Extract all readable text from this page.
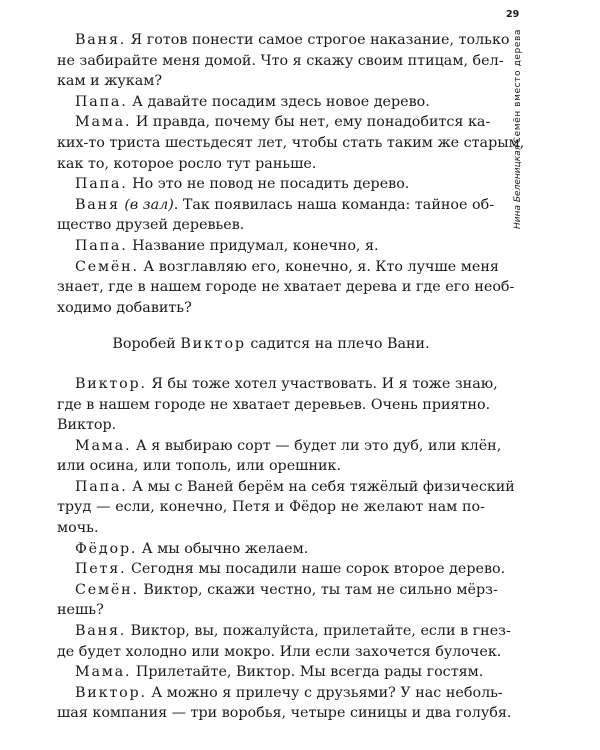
29
Нина Беленицкая
Семён вместо дерева
Ваня. Я готов понести самое строгое наказание, только
не забирайте меня домой. Что я скажу своим птицам, бел-
кам и жукам?
Папа. А давайте посадим здесь новое дерево.
Мама. И правда, почему бы нет, ему понадобится ка-
ких-то триста шестьдесят лет, чтобы стать таким же старым,
как то, которое росло тут раньше.
Папа. Но это не повод не посадить дерево.
Ваня (в зал). Так появилась наша команда: тайное об-
щество друзей деревьев.
Папа. Название придумал, конечно, я.
Семён. А возглавляю его, конечно, я. Кто лучше меня
знает, где в нашем городе не хватает дерева и где его необ-
ходимо добавить?
Воробей Виктор садится на плечо Вани.
Виктор. Я бы тоже хотел участвовать. И я тоже знаю,
где в нашем городе не хватает деревьев. Очень приятно.
Виктор.
Мама. А я выбираю сорт — будет ли это дуб, или клён,
или осина, или тополь, или орешник.
Папа. А мы с Ваней берём на себя тяжёлый физический
труд — если, конечно, Петя и Фёдор не желают нам по-
мочь.
Фёдор. А мы обычно желаем.
Петя. Сегодня мы посадили наше сорок второе дерево.
Семён. Виктор, скажи честно, ты там не сильно мёрз-
нешь?
Ваня. Виктор, вы, пожалуйста, прилетайте, если в гнез-
де будет холодно или мокро. Или если захочется булочек.
Мама. Прилетайте, Виктор. Мы всегда рады гостям.
Виктор. А можно я прилечу с друзьями? У нас неболь-
шая компания — три воробья, четыре синицы и два голубя.
